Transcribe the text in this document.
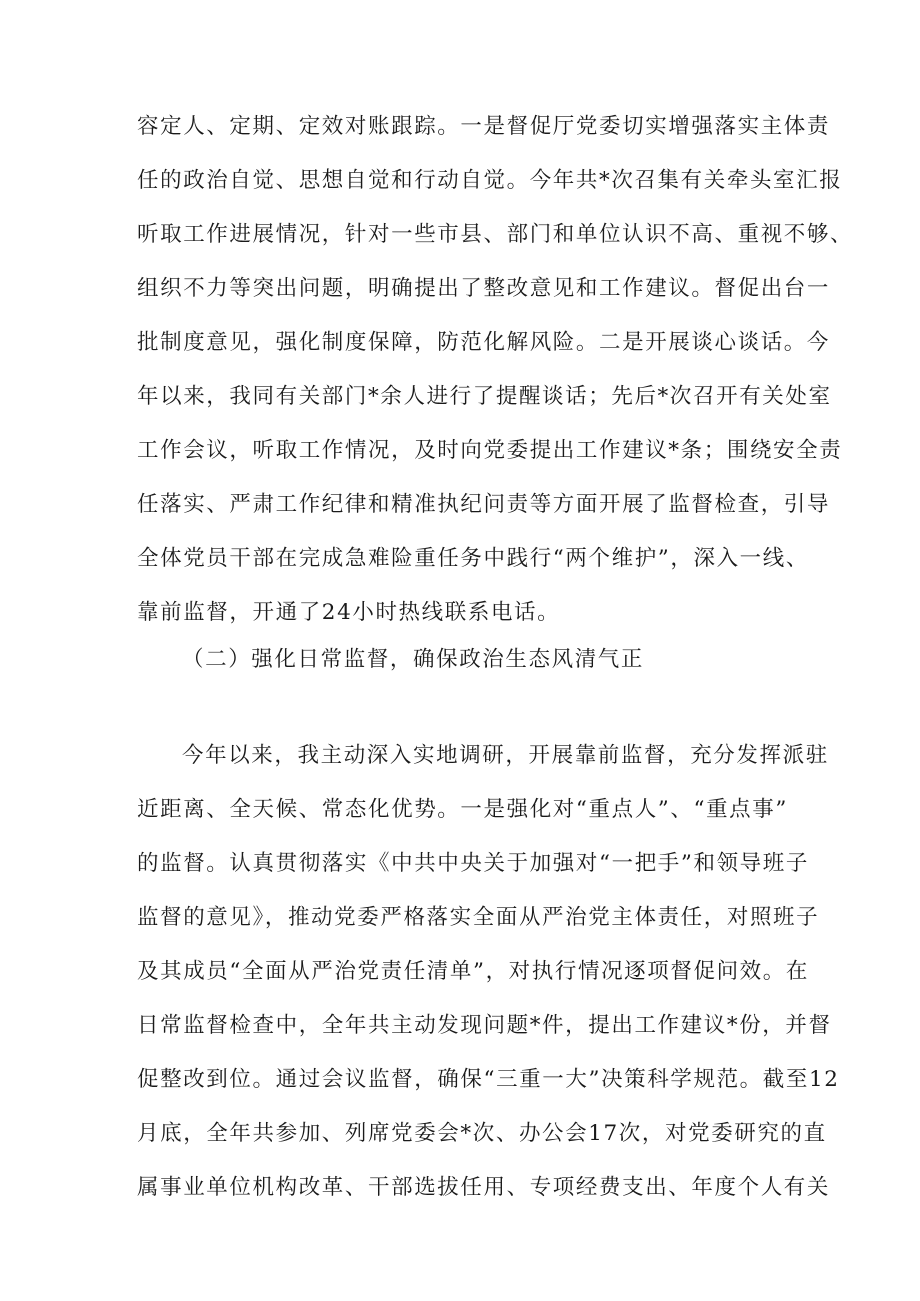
容定人、定期、定效对账跟踪。一是督促厅党委切实增强落实主体责
任的政治自觉、思想自觉和行动自觉。今年共*次召集有关牵头室汇报
听取工作进展情况，针对一些市县、部门和单位认识不高、重视不够、
组织不力等突出问题，明确提出了整改意见和工作建议。督促出台一
批制度意见，强化制度保障，防范化解风险。二是开展谈心谈话。今
年以来，我同有关部门*余人进行了提醒谈话；先后*次召开有关处室
工作会议，听取工作情况，及时向党委提出工作建议*条；围绕安全责
任落实、严肃工作纪律和精准执纪问责等方面开展了监督检查，引导
全体党员干部在完成急难险重任务中践行“两个维护”，深入一线、
靠前监督，开通了24小时热线联系电话。
（二）强化日常监督，确保政治生态风清气正
今年以来，我主动深入实地调研，开展靠前监督，充分发挥派驻
近距离、全天候、常态化优势。一是强化对“重点人”、“重点事”
的监督。认真贯彻落实《中共中央关于加强对“一把手”和领导班子
监督的意见》，推动党委严格落实全面从严治党主体责任，对照班子
及其成员“全面从严治党责任清单”，对执行情况逐项督促问效。在
日常监督检查中，全年共主动发现问题*件，提出工作建议*份，并督
促整改到位。通过会议监督，确保“三重一大”决策科学规范。截至12
月底，全年共参加、列席党委会*次、办公会17次，对党委研究的直
属事业单位机构改革、干部选拔任用、专项经费支出、年度个人有关
